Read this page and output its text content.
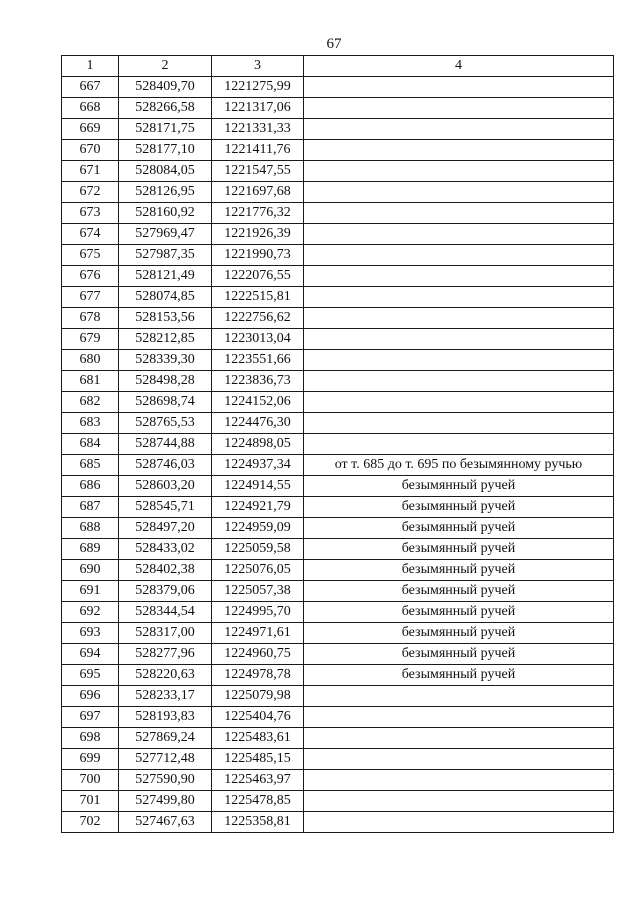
67
1	2	3	4
667	528409,70	1221275,99	
668	528266,58	1221317,06	
669	528171,75	1221331,33	
670	528177,10	1221411,76	
671	528084,05	1221547,55	
672	528126,95	1221697,68	
673	528160,92	1221776,32	
674	527969,47	1221926,39	
675	527987,35	1221990,73	
676	528121,49	1222076,55	
677	528074,85	1222515,81	
678	528153,56	1222756,62	
679	528212,85	1223013,04	
680	528339,30	1223551,66	
681	528498,28	1223836,73	
682	528698,74	1224152,06	
683	528765,53	1224476,30	
684	528744,88	1224898,05	
685	528746,03	1224937,34	от т. 685 до т. 695 по безымянному ручью
686	528603,20	1224914,55	безымянный ручей
687	528545,71	1224921,79	безымянный ручей
688	528497,20	1224959,09	безымянный ручей
689	528433,02	1225059,58	безымянный ручей
690	528402,38	1225076,05	безымянный ручей
691	528379,06	1225057,38	безымянный ручей
692	528344,54	1224995,70	безымянный ручей
693	528317,00	1224971,61	безымянный ручей
694	528277,96	1224960,75	безымянный ручей
695	528220,63	1224978,78	безымянный ручей
696	528233,17	1225079,98	
697	528193,83	1225404,76	
698	527869,24	1225483,61	
699	527712,48	1225485,15	
700	527590,90	1225463,97	
701	527499,80	1225478,85	
702	527467,63	1225358,81	
